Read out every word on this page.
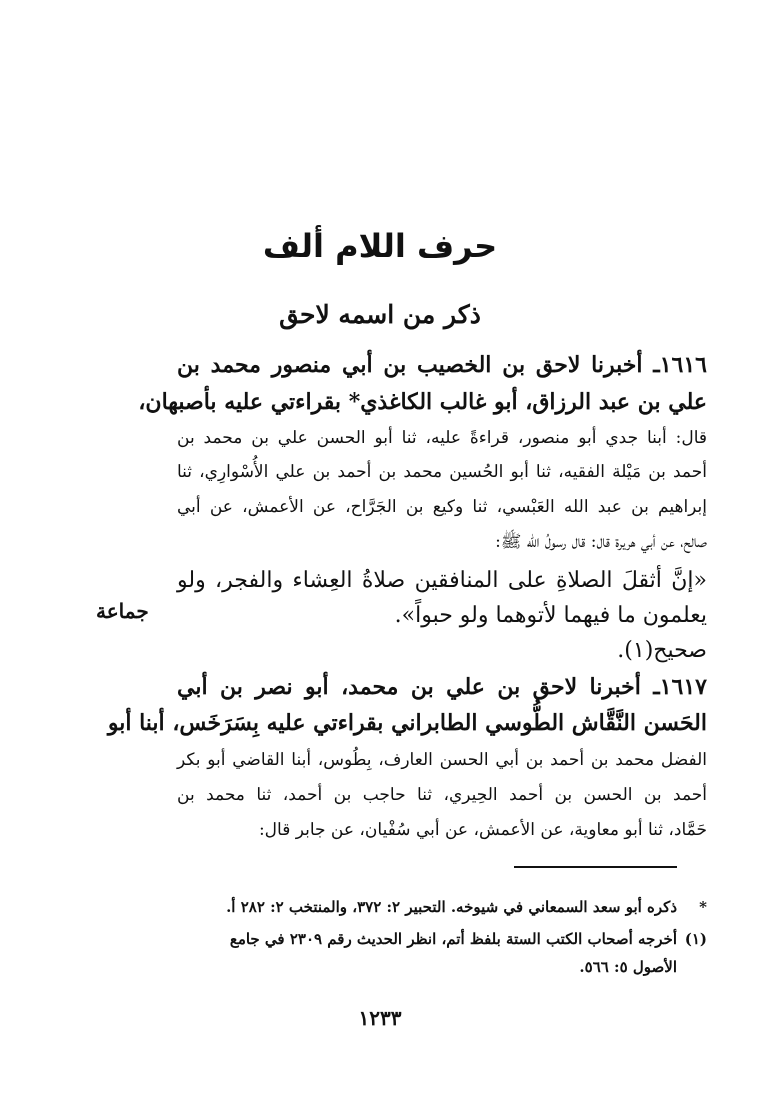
حرف اللام ألف
ذكر من اسمه لاحق
١٦١٦ـ أخبرنا لاحق بن الخصيب بن أبي منصور محمد بن
علي بن عبد الرزاق، أبو غالب الكاغذي* بقراءتي عليه بأصبهان،
قال: أبنا جدي أبو منصور، قراءةً عليه، ثنا أبو الحسن علي بن محمد بن
أحمد بن مَيْلة الفقيه، ثنا أبو الحُسين محمد بن أحمد بن علي الأُسْوارِي، ثنا
إبراهيم بن عبد الله العَبْسي، ثنا وكيع بن الجَرَّاح، عن الأعمش، عن أبي
صالح، عن أبي هريرة قال: قال رسولُ الله ﷺ:
«إنَّ أثقلَ الصلاةِ على المنافقين صلاةُ العِشاء والفجر، ولو
يعلمون ما فيهما لأتوهما ولو حبواً».
صحيح(١).
جماعة
١٦١٧ـ أخبرنا لاحق بن علي بن محمد، أبو نصر بن أبي
الحَسن النَّقَّاش الطُّوسي الطابراني بقراءتي عليه بِسَرَخَس، أبنا أبو
الفضل محمد بن أحمد بن أبي الحسن العارف، بِطُوس، أبنا القاضي أبو بكر
أحمد بن الحسن بن أحمد الحِيري، ثنا حاجب بن أحمد، ثنا محمد بن
حَمَّاد، ثنا أبو معاوية، عن الأعمش، عن أبي سُفْيان، عن جابر قال:
*
ذكره أبو سعد السمعاني في شيوخه. التحبير ٢: ٣٧٢، والمنتخب ٢: ٢٨٢ أ.
(١)
أخرجه أصحاب الكتب الستة بلفظ أتم، انظر الحديث رقم ٢٣٠٩ في جامع
الأصول ٥: ٥٦٦.
١٢٣٣
